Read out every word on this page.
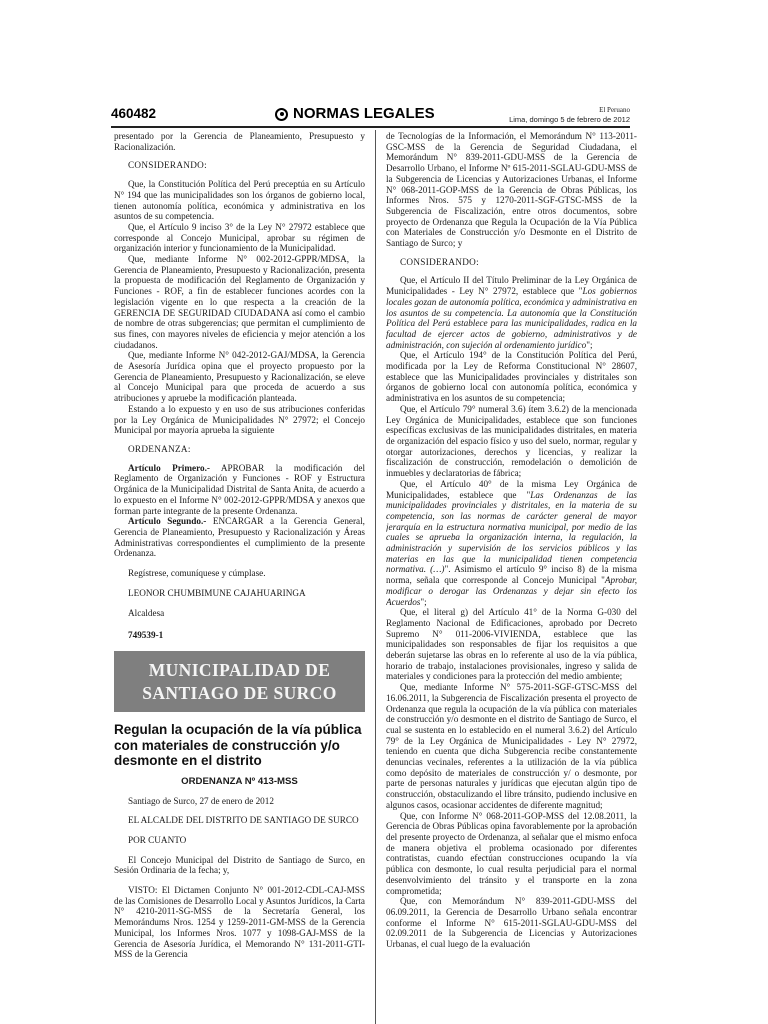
460482	NORMAS LEGALES	El Peruano
Lima, domingo 5 de febrero de 2012

presentado por la Gerencia de Planeamiento, Presupuesto y Racionalización.

CONSIDERANDO:

Que, la Constitución Política del Perú preceptúa en su Artículo N° 194 que las municipalidades son los órganos de gobierno local, tienen autonomía política, económica y administrativa en los asuntos de su competencia.

Que, el Artículo 9 inciso 3° de la Ley N° 27972 establece que corresponde al Concejo Municipal, aprobar su régimen de organización interior y funcionamiento de la Municipalidad.

Que, mediante Informe N° 002-2012-GPPR/MDSA, la Gerencia de Planeamiento, Presupuesto y Racionalización, presenta la propuesta de modificación del Reglamento de Organización y Funciones - ROF, a fin de establecer funciones acordes con la legislación vigente en lo que respecta a la creación de la GERENCIA DE SEGURIDAD CIUDADANA así como el cambio de nombre de otras subgerencias; que permitan el cumplimiento de sus fines, con mayores niveles de eficiencia y mejor atención a los ciudadanos.

Que, mediante Informe N° 042-2012-GAJ/MDSA, la Gerencia de Asesoría Jurídica opina que el proyecto propuesto por la Gerencia de Planeamiento, Presupuesto y Racionalización, se eleve al Concejo Municipal para que proceda de acuerdo a sus atribuciones y apruebe la modificación planteada.

Estando a lo expuesto y en uso de sus atribuciones conferidas por la Ley Orgánica de Municipalidades N° 27972; el Concejo Municipal por mayoría aprueba la siguiente

ORDENANZA:

Artículo Primero.- APROBAR la modificación del Reglamento de Organización y Funciones - ROF y Estructura Orgánica de la Municipalidad Distrital de Santa Anita, de acuerdo a lo expuesto en el Informe N° 002-2012-GPPR/MDSA y anexos que forman parte integrante de la presente Ordenanza.

Artículo Segundo.- ENCARGAR a la Gerencia General, Gerencia de Planeamiento, Presupuesto y Racionalización y Áreas Administrativas correspondientes el cumplimiento de la presente Ordenanza.

Regístrese, comuníquese y cúmplase.

LEONOR CHUMBIMUNE CAJAHUARINGA

Alcaldesa

749539-1

MUNICIPALIDAD DE
SANTIAGO DE SURCO

Regulan la ocupación de la vía pública con materiales de construcción y/o desmonte en el distrito

ORDENANZA Nº 413-MSS

Santiago de Surco, 27 de enero de 2012

EL ALCALDE DEL DISTRITO DE SANTIAGO DE SURCO

POR CUANTO

El Concejo Municipal del Distrito de Santiago de Surco, en Sesión Ordinaria de la fecha; y,

VISTO: El Dictamen Conjunto N° 001-2012-CDL-CAJ-MSS de las Comisiones de Desarrollo Local y Asuntos Jurídicos, la Carta N° 4210-2011-SG-MSS de la Secretaría General, los Memorándums Nros. 1254 y 1259-2011-GM-MSS de la Gerencia Municipal, los Informes Nros. 1077 y 1098-GAJ-MSS de la Gerencia de Asesoría Jurídica, el Memorando N° 131-2011-GTI-MSS de la Gerencia

de Tecnologías de la Información, el Memorándum N° 113-2011-GSC-MSS de la Gerencia de Seguridad Ciudadana, el Memorándum N° 839-2011-GDU-MSS de la Gerencia de Desarrollo Urbano, el Informe Nº 615-2011-SGLAU-GDU-MSS de la Subgerencia de Licencias y Autorizaciones Urbanas, el Informe N° 068-2011-GOP-MSS de la Gerencia de Obras Públicas, los Informes Nros. 575 y 1270-2011-SGF-GTSC-MSS de la Subgerencia de Fiscalización, entre otros documentos, sobre proyecto de Ordenanza que Regula la Ocupación de la Vía Pública con Materiales de Construcción y/o Desmonte en el Distrito de Santiago de Surco; y

CONSIDERANDO:

Que, el Artículo II del Título Preliminar de la Ley Orgánica de Municipalidades - Ley N° 27972, establece que "Los gobiernos locales gozan de autonomía política, económica y administrativa en los asuntos de su competencia. La autonomía que la Constitución Política del Perú establece para las municipalidades, radica en la facultad de ejercer actos de gobierno, administrativos y de administración, con sujeción al ordenamiento jurídico";

Que, el Artículo 194° de la Constitución Política del Perú, modificada por la Ley de Reforma Constitucional N° 28607, establece que las Municipalidades provinciales y distritales son órganos de gobierno local con autonomía política, económica y administrativa en los asuntos de su competencia;

Que, el Artículo 79° numeral 3.6) ítem 3.6.2) de la mencionada Ley Orgánica de Municipalidades, establece que son funciones específicas exclusivas de las municipalidades distritales, en materia de organización del espacio físico y uso del suelo, normar, regular y otorgar autorizaciones, derechos y licencias, y realizar la fiscalización de construcción, remodelación o demolición de inmuebles y declaratorias de fábrica;

Que, el Artículo 40° de la misma Ley Orgánica de Municipalidades, establece que "Las Ordenanzas de las municipalidades provinciales y distritales, en la materia de su competencia, son las normas de carácter general de mayor jerarquía en la estructura normativa municipal, por medio de las cuales se aprueba la organización interna, la regulación, la administración y supervisión de los servicios públicos y las materias en las que la municipalidad tienen competencia normativa. (…)". Asimismo el artículo 9° inciso 8) de la misma norma, señala que corresponde al Concejo Municipal "Aprobar, modificar o derogar las Ordenanzas y dejar sin efecto los Acuerdos";

Que, el literal g) del Artículo 41° de la Norma G-030 del Reglamento Nacional de Edificaciones, aprobado por Decreto Supremo N° 011-2006-VIVIENDA, establece que las municipalidades son responsables de fijar los requisitos a que deberán sujetarse las obras en lo referente al uso de la vía pública, horario de trabajo, instalaciones provisionales, ingreso y salida de materiales y condiciones para la protección del medio ambiente;

Que, mediante Informe N° 575-2011-SGF-GTSC-MSS del 16.06.2011, la Subgerencia de Fiscalización presenta el proyecto de Ordenanza que regula la ocupación de la vía pública con materiales de construcción y/o desmonte en el distrito de Santiago de Surco, el cual se sustenta en lo establecido en el numeral 3.6.2) del Artículo 79° de la Ley Orgánica de Municipalidades - Ley N° 27972, teniendo en cuenta que dicha Subgerencia recibe constantemente denuncias vecinales, referentes a la utilización de la vía pública como depósito de materiales de construcción y/ o desmonte, por parte de personas naturales y jurídicas que ejecutan algún tipo de construcción, obstaculizando el libre tránsito, pudiendo inclusive en algunos casos, ocasionar accidentes de diferente magnitud;

Que, con Informe N° 068-2011-GOP-MSS del 12.08.2011, la Gerencia de Obras Públicas opina favorablemente por la aprobación del presente proyecto de Ordenanza, al señalar que el mismo enfoca de manera objetiva el problema ocasionado por diferentes contratistas, cuando efectúan construcciones ocupando la vía pública con desmonte, lo cual resulta perjudicial para el normal desenvolvimiento del tránsito y el transporte en la zona comprometida;

Que, con Memorándum N° 839-2011-GDU-MSS del 06.09.2011, la Gerencia de Desarrollo Urbano señala encontrar conforme el Informe N° 615-2011-SGLAU-GDU-MSS del 02.09.2011 de la Subgerencia de Licencias y Autorizaciones Urbanas, el cual luego de la evaluación
